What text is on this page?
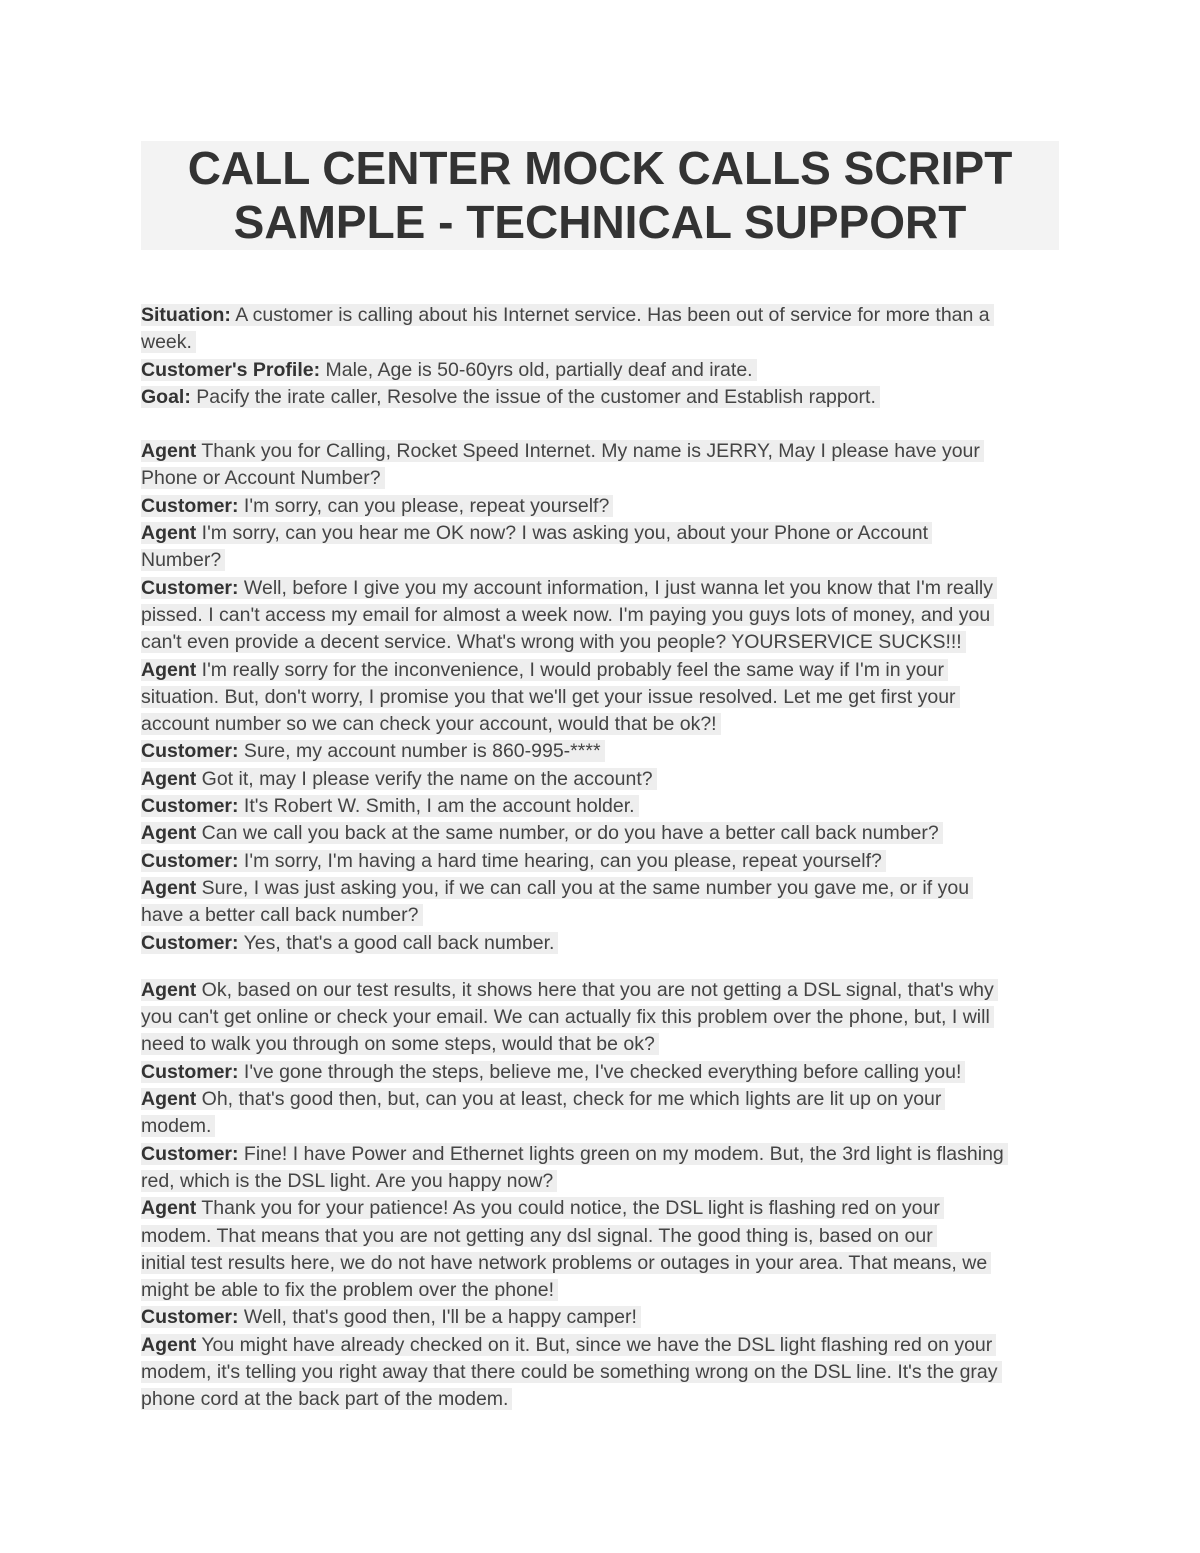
CALL CENTER MOCK CALLS SCRIPT
SAMPLE - TECHNICAL SUPPORT
Situation: A customer is calling about his Internet service. Has been out of service for more than a
week.
Customer's Profile: Male, Age is 50-60yrs old, partially deaf and irate.
Goal: Pacify the irate caller, Resolve the issue of the customer and Establish rapport.
Agent Thank you for Calling, Rocket Speed Internet. My name is JERRY, May I please have your
Phone or Account Number?
Customer: I'm sorry, can you please, repeat yourself?
Agent I'm sorry, can you hear me OK now? I was asking you, about your Phone or Account
Number?
Customer: Well, before I give you my account information, I just wanna let you know that I'm really
pissed. I can't access my email for almost a week now. I'm paying you guys lots of money, and you
can't even provide a decent service. What's wrong with you people? YOURSERVICE SUCKS!!!
Agent I'm really sorry for the inconvenience, I would probably feel the same way if I'm in your
situation. But, don't worry, I promise you that we'll get your issue resolved. Let me get first your
account number so we can check your account, would that be ok?!
Customer: Sure, my account number is 860-995-****
Agent Got it, may I please verify the name on the account?
Customer: It's Robert W. Smith, I am the account holder.
Agent Can we call you back at the same number, or do you have a better call back number?
Customer: I'm sorry, I'm having a hard time hearing, can you please, repeat yourself?
Agent Sure, I was just asking you, if we can call you at the same number you gave me, or if you
have a better call back number?
Customer: Yes, that's a good call back number.
Agent Ok, based on our test results, it shows here that you are not getting a DSL signal, that's why
you can't get online or check your email. We can actually fix this problem over the phone, but, I will
need to walk you through on some steps, would that be ok?
Customer: I've gone through the steps, believe me, I've checked everything before calling you!
Agent Oh, that's good then, but, can you at least, check for me which lights are lit up on your
modem.
Customer: Fine! I have Power and Ethernet lights green on my modem. But, the 3rd light is flashing
red, which is the DSL light. Are you happy now?
Agent Thank you for your patience! As you could notice, the DSL light is flashing red on your
modem. That means that you are not getting any dsl signal. The good thing is, based on our
initial test results here, we do not have network problems or outages in your area. That means, we
might be able to fix the problem over the phone!
Customer: Well, that's good then, I'll be a happy camper!
Agent You might have already checked on it. But, since we have the DSL light flashing red on your
modem, it's telling you right away that there could be something wrong on the DSL line. It's the gray
phone cord at the back part of the modem.
